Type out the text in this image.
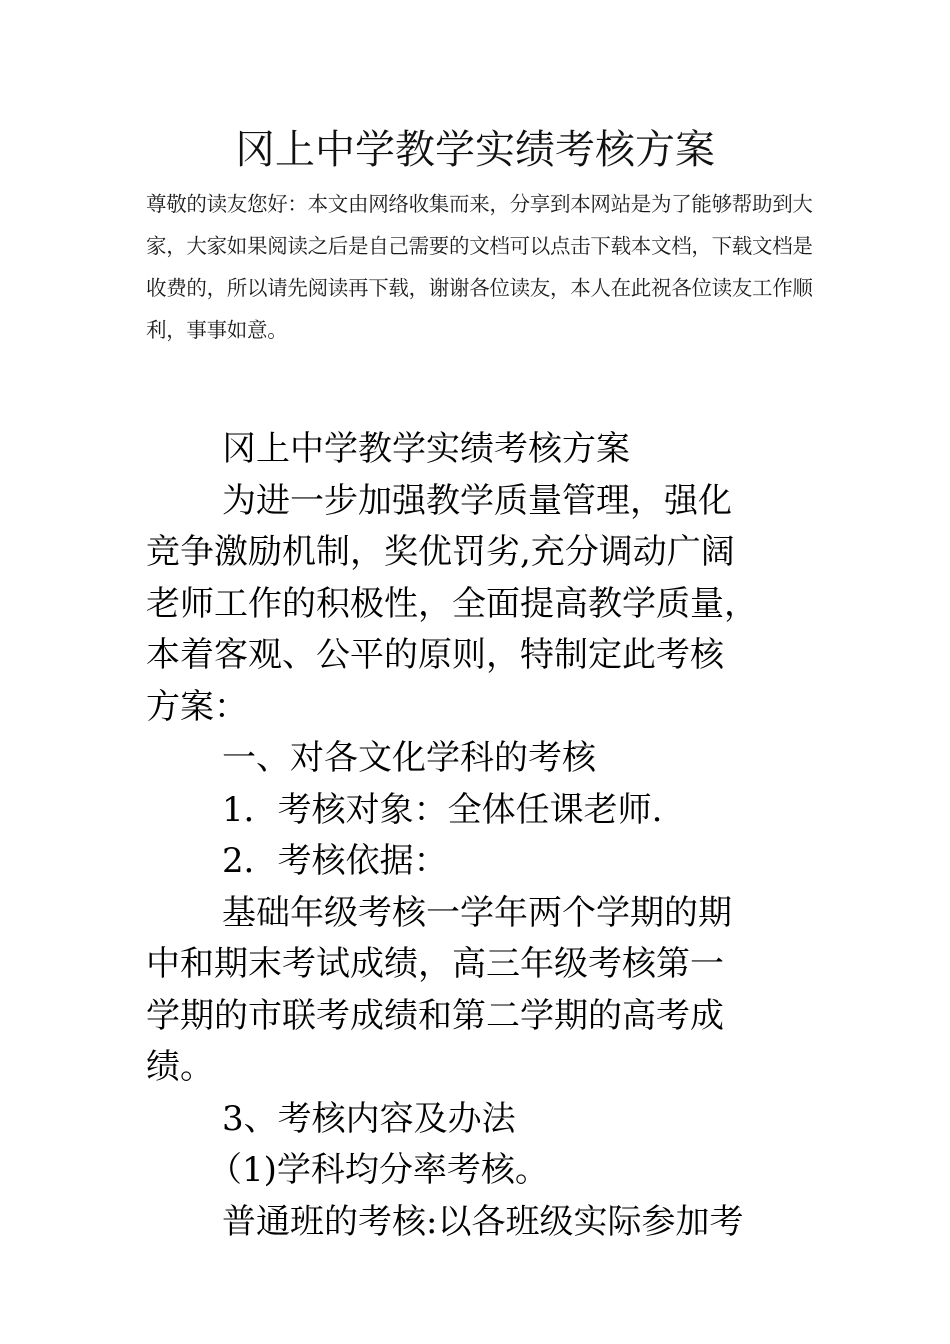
冈上中学教学实绩考核方案
尊敬的读友您好：本文由网络收集而来，分享到本网站是为了能够帮助到大
家，大家如果阅读之后是自己需要的文档可以点击下载本文档，下载文档是
收费的，所以请先阅读再下载，谢谢各位读友，本人在此祝各位读友工作顺
利，事事如意。
冈上中学教学实绩考核方案
为进一步加强教学质量管理，强化
竞争激励机制，奖优罚劣,充分调动广阔
老师工作的积极性，全面提高教学质量，
本着客观、公平的原则，特制定此考核
方案：
一、对各文化学科的考核
1．考核对象：全体任课老师.
2．考核依据：
基础年级考核一学年两个学期的期
中和期末考试成绩，高三年级考核第一
学期的市联考成绩和第二学期的高考成
绩。
3、考核内容及办法
（1)学科均分率考核。
普通班的考核:以各班级实际参加考
